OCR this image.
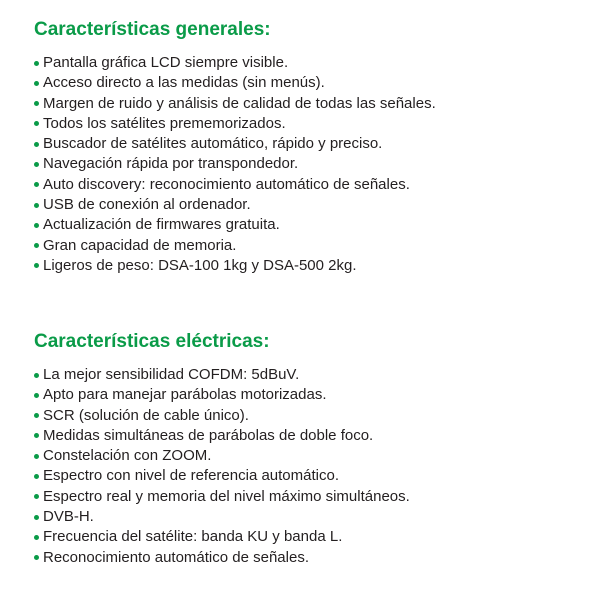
Características generales:
Pantalla gráfica LCD siempre visible.
Acceso directo a las medidas (sin menús).
Margen de ruido y análisis de calidad de todas las señales.
Todos los satélites prememorizados.
Buscador de satélites automático, rápido y preciso.
Navegación rápida por transpondedor.
Auto discovery: reconocimiento automático de señales.
USB de conexión al ordenador.
Actualización de firmwares gratuita.
Gran capacidad de memoria.
Ligeros de peso: DSA-100 1kg y DSA-500 2kg.
Características eléctricas:
La mejor sensibilidad COFDM: 5dBuV.
Apto para manejar parábolas motorizadas.
SCR (solución de cable único).
Medidas simultáneas de parábolas de doble foco.
Constelación con ZOOM.
Espectro con nivel de referencia automático.
Espectro real y memoria del nivel máximo simultáneos.
DVB-H.
Frecuencia del satélite: banda KU y banda L.
Reconocimiento automático de señales.
